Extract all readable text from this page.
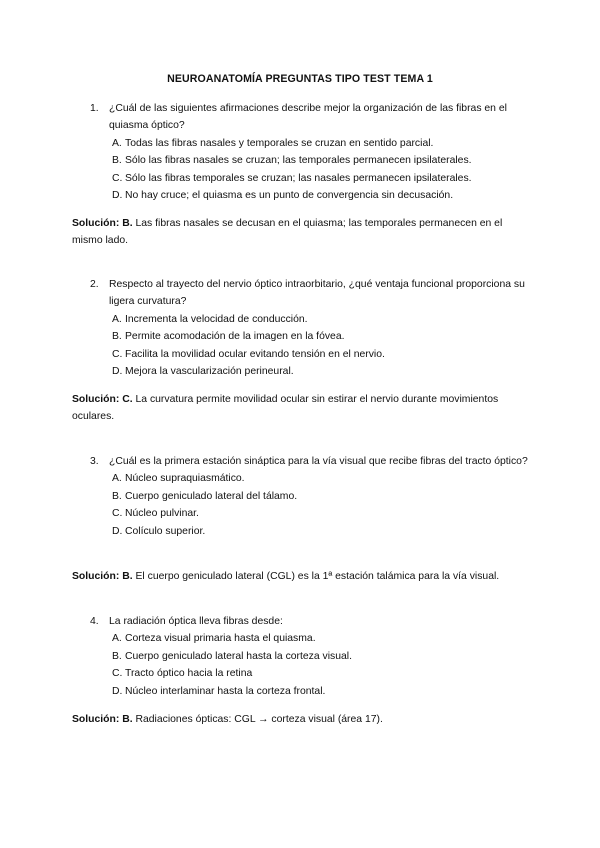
NEUROANATOMÍA PREGUNTAS TIPO TEST TEMA 1
1. ¿Cuál de las siguientes afirmaciones describe mejor la organización de las fibras en el quiasma óptico?
A. Todas las fibras nasales y temporales se cruzan en sentido parcial.
B. Sólo las fibras nasales se cruzan; las temporales permanecen ipsilaterales.
C. Sólo las fibras temporales se cruzan; las nasales permanecen ipsilaterales.
D. No hay cruce; el quiasma es un punto de convergencia sin decusación.
Solución: B. Las fibras nasales se decusan en el quiasma; las temporales permanecen en el mismo lado.
2. Respecto al trayecto del nervio óptico intraorbitario, ¿qué ventaja funcional proporciona su ligera curvatura?
A. Incrementa la velocidad de conducción.
B. Permite acomodación de la imagen en la fóvea.
C. Facilita la movilidad ocular evitando tensión en el nervio.
D. Mejora la vascularización perineural.
Solución: C. La curvatura permite movilidad ocular sin estirar el nervio durante movimientos oculares.
3. ¿Cuál es la primera estación sináptica para la vía visual que recibe fibras del tracto óptico?
A. Núcleo supraquiasmático.
B. Cuerpo geniculado lateral del tálamo.
C. Núcleo pulvinar.
D. Colículo superior.
Solución: B. El cuerpo geniculado lateral (CGL) es la 1ª estación talámica para la vía visual.
4. La radiación óptica lleva fibras desde:
A. Corteza visual primaria hasta el quiasma.
B. Cuerpo geniculado lateral hasta la corteza visual.
C. Tracto óptico hacia la retina
D. Núcleo interlaminar hasta la corteza frontal.
Solución: B. Radiaciones ópticas: CGL → corteza visual (área 17).
